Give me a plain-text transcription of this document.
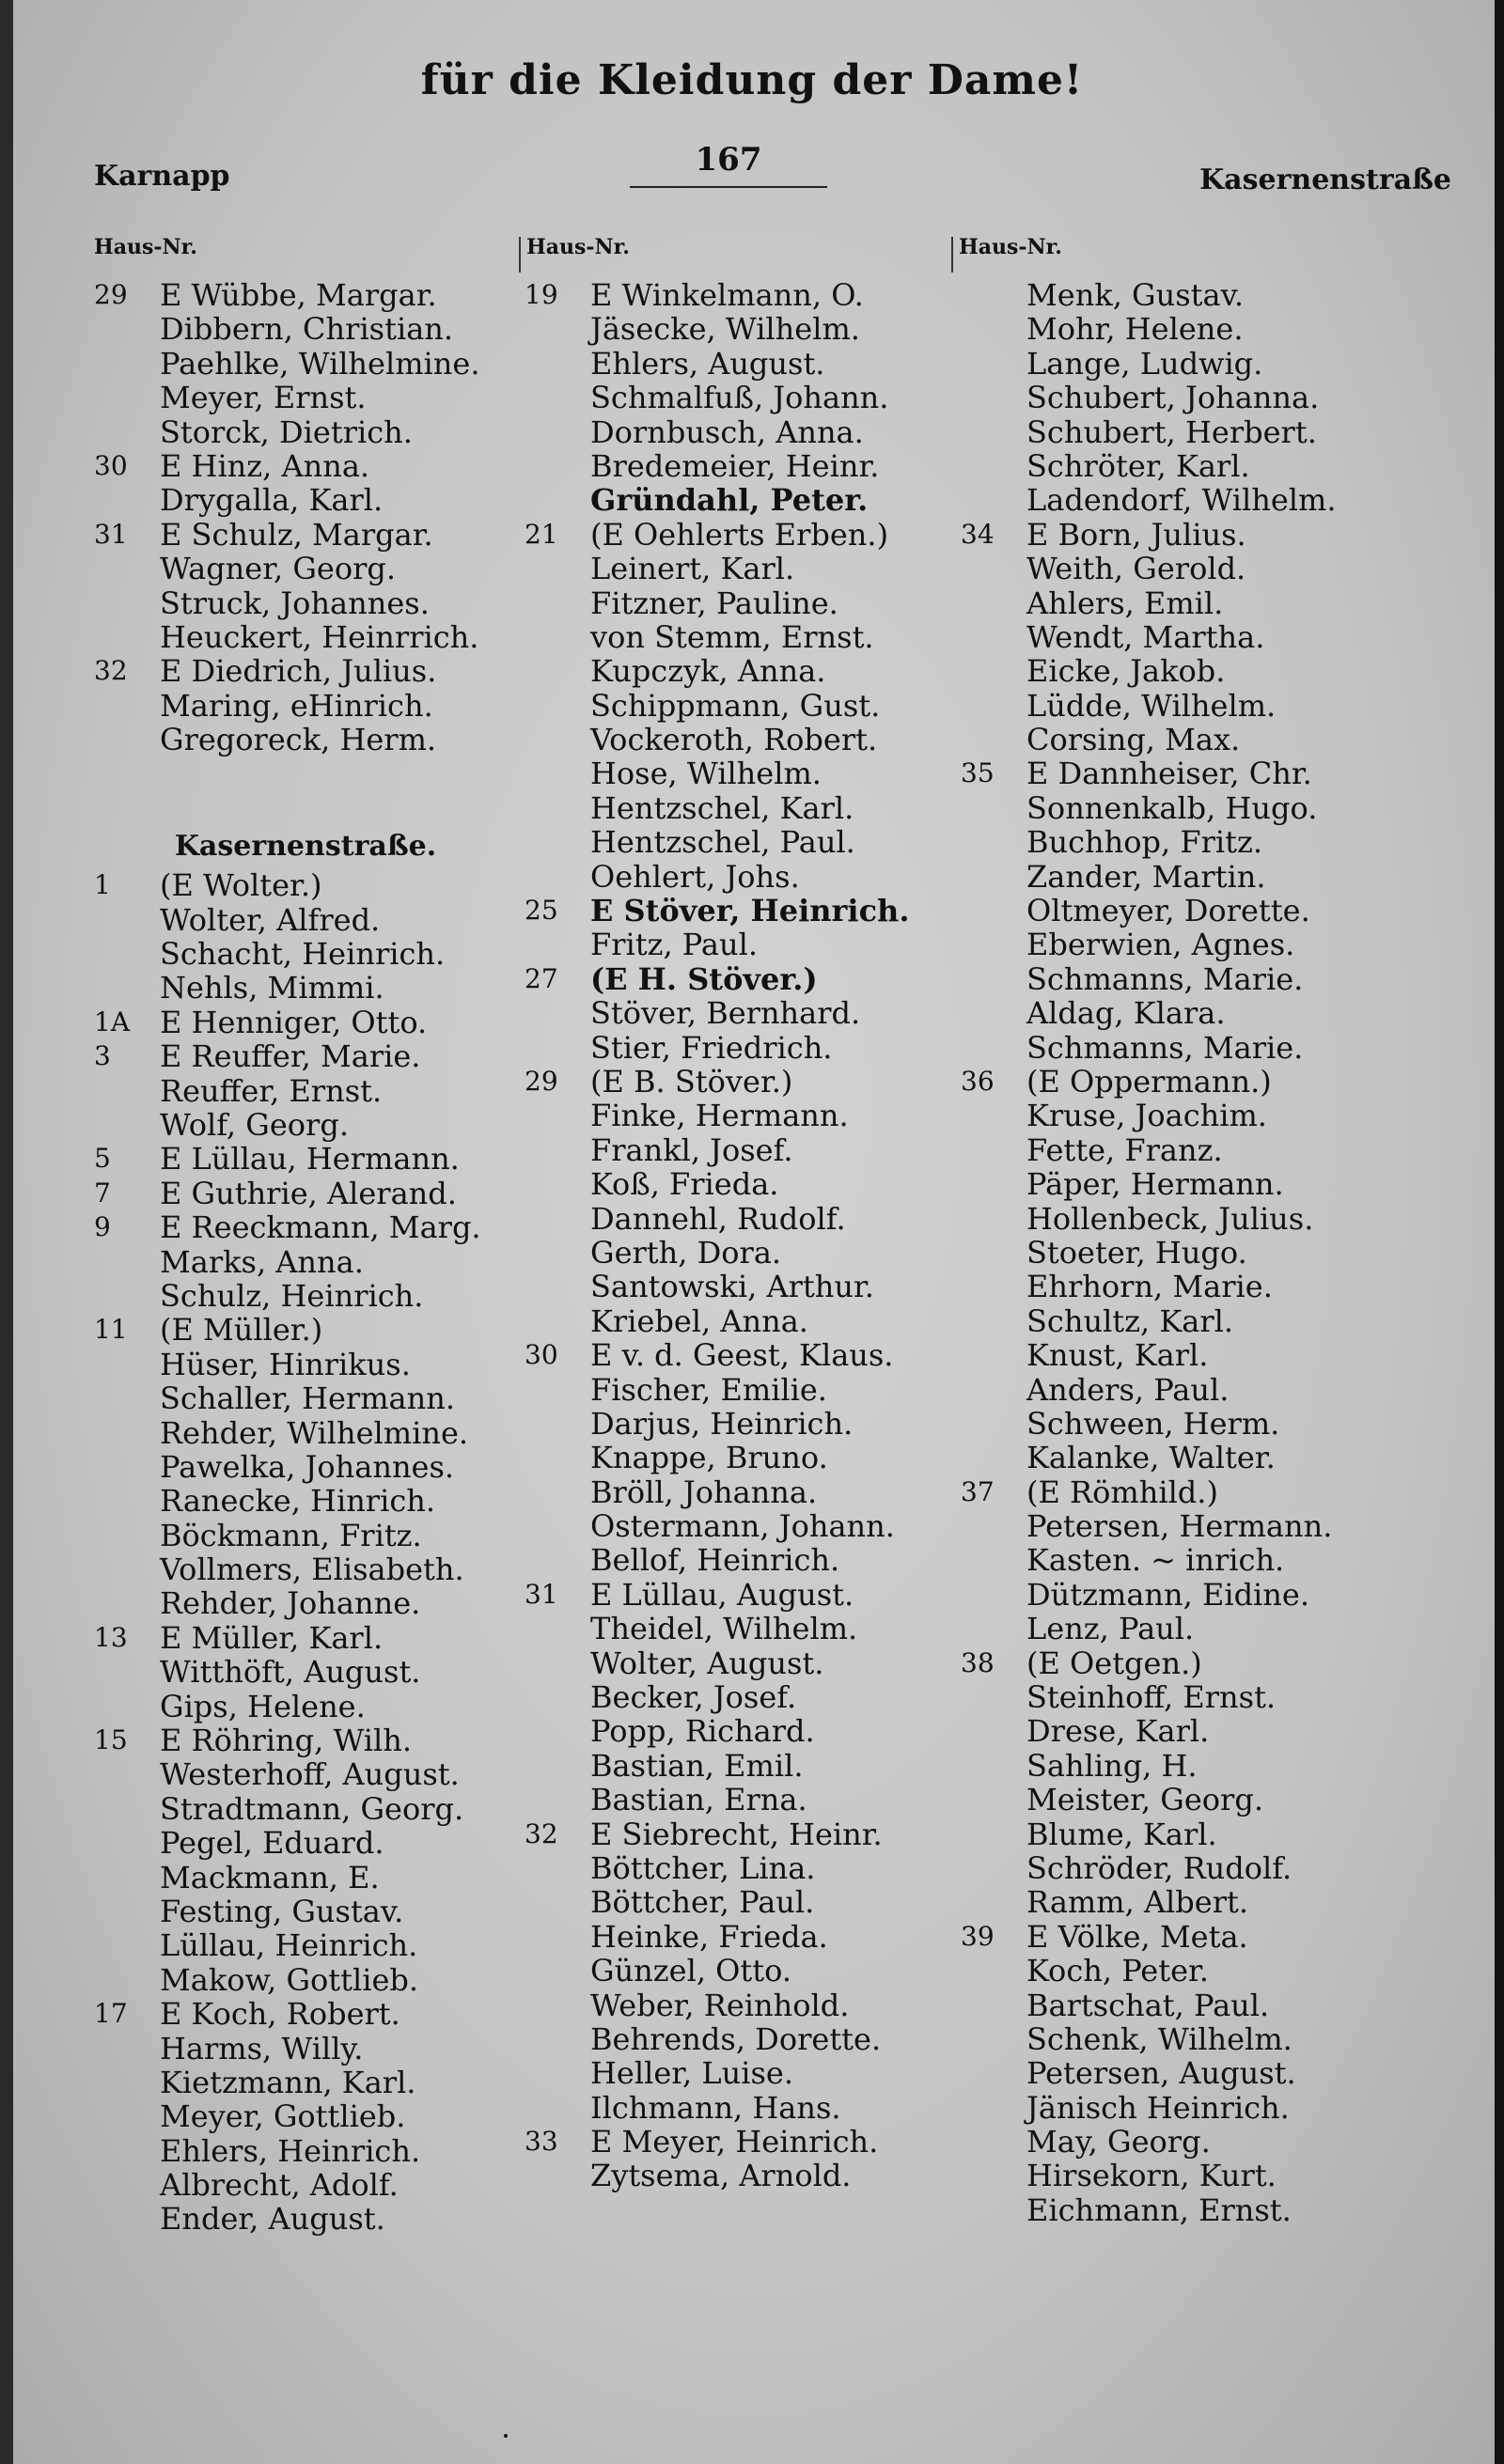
für die Kleidung der Dame!
Karnapp	167
Kasernenstraße
Haus-Nr.	Haus-Nr.	Haus-Nr.
29	E Wübbe, Margar.
Dibbern, Christian.
Paehlke, Wilhelmine.
Meyer, Ernst.
Storck, Dietrich.
30	E Hinz, Anna.
Drygalla, Karl.
31	E Schulz, Margar.
Wagner, Georg.
Struck, Johannes.
Heuckert, Heinrrich.
32	E Diedrich, Julius.
Maring, eHinrich.
Gregoreck, Herm.
Kasernenstraße.
1	(E Wolter.)
Wolter, Alfred.
Schacht, Heinrich.
Nehls, Mimmi.
1A E Henniger, Otto.
3	E Reuffer, Marie.
Reuffer, Ernst.
Wolf, Georg.
5	E Lüllau, Hermann.
7	E Guthrie, Alerand.
9	E Reeckmann, Marg.
Marks, Anna.
Schulz, Heinrich.
11	(E Müller.)
Hüser, Hinrikus.
Schaller, Hermann.
Rehder, Wilhelmine.
Pawelka, Johannes.
Ranecke, Hinrich.
Böckmann, Fritz.
Vollmers, Elisabeth.
Rehder, Johanne.
13	E Müller, Karl.
Witthöft, August.
Gips, Helene.
15	E Röhring, Wilh.
Westerhoff, August.
Stradtmann, Georg.
Pegel, Eduard.
Mackmann, E.
Festing, Gustav.
Lüllau, Heinrich.
Makow, Gottlieb.
17	E Koch, Robert.
Harms, Willy.
Kietzmann, Karl.
Meyer, Gottlieb.
Ehlers, Heinrich.
Albrecht, Adolf.
Ender, August.
19	E Winkelmann, O.
Jäsecke, Wilhelm.
Ehlers, August.
Schmalfuß, Johann.
Dornbusch, Anna.
Bredemeier, Heinr.
Gründahl, Peter.
21	(E Oehlerts Erben.)
Leinert, Karl.
Fitzner, Pauline.
von Stemm, Ernst.
Kupczyk, Anna.
Schippmann, Gust.
Vockeroth, Robert.
Hose, Wilhelm.
Hentzschel, Karl.
Hentzschel, Paul.
Oehlert, Johs.
25	E Stöver, Heinrich.
Fritz, Paul.
27	(E H. Stöver.)
Stöver, Bernhard.
Stier, Friedrich.
29	(E B. Stöver.)
Finke, Hermann.
Frankl, Josef.
Koß, Frieda.
Dannehl, Rudolf.
Gerth, Dora.
Santowski, Arthur.
Kriebel, Anna.
30	E v. d. Geest, Klaus.
Fischer, Emilie.
Darjus, Heinrich.
Knappe, Bruno.
Bröll, Johanna.
Ostermann, Johann.
Bellof, Heinrich.
31	E Lüllau, August.
Theidel, Wilhelm.
Wolter, August.
Becker, Josef.
Popp, Richard.
Bastian, Emil.
Bastian, Erna.
32	E Siebrecht, Heinr.
Böttcher, Lina.
Böttcher, Paul.
Heinke, Frieda.
Günzel, Otto.
Weber, Reinhold.
Behrends, Dorette.
Heller, Luise.
Ilchmann, Hans.
33	E Meyer, Heinrich.
Zytsema, Arnold.
Menk, Gustav.
Mohr, Helene.
Lange, Ludwig.
Schubert, Johanna.
Schubert, Herbert.
Schröter, Karl.
Ladendorf, Wilhelm.
34	E Born, Julius.
Weith, Gerold.
Ahlers, Emil.
Wendt, Martha.
Eicke, Jakob.
Lüdde, Wilhelm.
Corsing, Max.
35	E Dannheiser, Chr.
Sonnenkalb, Hugo.
Buchhop, Fritz.
Zander, Martin.
Oltmeyer, Dorette.
Eberwien, Agnes.
Schmanns, Marie.
Aldag, Klara.
Schmanns, Marie.
36	(E Oppermann.)
Kruse, Joachim.
Fette, Franz.
Päper, Hermann.
Hollenbeck, Julius.
Stoeter, Hugo.
Ehrhorn, Marie.
Schultz, Karl.
Knust, Karl.
Anders, Paul.
Schween, Herm.
Kalanke, Walter.
37	(E Römhild.)
Petersen, Hermann.
Kasten. ~ inrich.
Dützmann, Eidine.
Lenz, Paul.
38	(E Oetgen.)
Steinhoff, Ernst.
Drese, Karl.
Sahling, H.
Meister, Georg.
Blume, Karl.
Schröder, Rudolf.
Ramm, Albert.
39	E Völke, Meta.
Koch, Peter.
Bartschat, Paul.
Schenk, Wilhelm.
Petersen, August.
Jänisch Heinrich.
May, Georg.
Hirsekorn, Kurt.
Eichmann, Ernst.
